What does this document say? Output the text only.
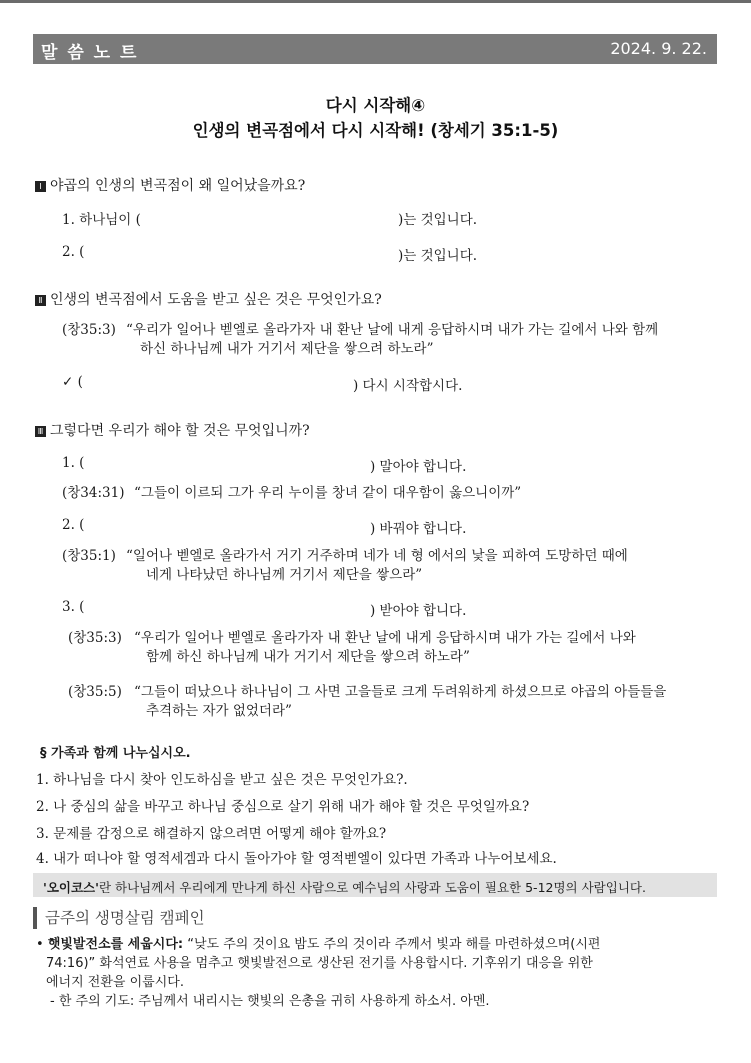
말 씀 노 트	2024. 9. 22.
다시 시작해④
인생의 변곡점에서 다시 시작해! (창세기 35:1-5)
Ⅰ 야곱의 인생의 변곡점이 왜 일어났을까요?
1. 하나님이 (	)는 것입니다.
2. (	)는 것입니다.
Ⅱ 인생의 변곡점에서 도움을 받고 싶은 것은 무엇인가요?
(창35:3) “우리가 일어나 벧엘로 올라가자 내 환난 날에 내게 응답하시며 내가 가는 길에서 나와 함께
하신 하나님께 내가 거기서 제단을 쌓으려 하노라”
✓ (	) 다시 시작합시다.
Ⅲ 그렇다면 우리가 해야 할 것은 무엇입니까?
1. (	) 말아야 합니다.
(창34:31) “그들이 이르되 그가 우리 누이를 창녀 같이 대우함이 옳으니이까”
2. (	) 바꿔야 합니다.
(창35:1) “일어나 벧엘로 올라가서 거기 거주하며 네가 네 형 에서의 낯을 피하여 도망하던 때에
네게 나타났던 하나님께 거기서 제단을 쌓으라”
3. (	) 받아야 합니다.
(창35:3) “우리가 일어나 벧엘로 올라가자 내 환난 날에 내게 응답하시며 내가 가는 길에서 나와
함께 하신 하나님께 내가 거기서 제단을 쌓으려 하노라”
(창35:5) “그들이 떠났으나 하나님이 그 사면 고을들로 크게 두려워하게 하셨으므로 야곱의 아들들을
추격하는 자가 없었더라”
§ 가족과 함께 나누십시오.
1. 하나님을 다시 찾아 인도하심을 받고 싶은 것은 무엇인가요?.
2. 나 중심의 삶을 바꾸고 하나님 중심으로 살기 위해 내가 해야 할 것은 무엇일까요?
3. 문제를 감정으로 해결하지 않으려면 어떻게 해야 할까요?
4. 내가 떠나야 할 영적세겜과 다시 돌아가야 할 영적벧엘이 있다면 가족과 나누어보세요.
'오이코스'란 하나님께서 우리에게 만나게 하신 사람으로 예수님의 사랑과 도움이 필요한 5-12명의 사람입니다.
금주의 생명살림 캠페인
• 햇빛발전소를 세웁시다: “낮도 주의 것이요 밤도 주의 것이라 주께서 빛과 해를 마련하셨으며(시편
74:16)” 화석연료 사용을 멈추고 햇빛발전으로 생산된 전기를 사용합시다. 기후위기 대응을 위한
에너지 전환을 이룹시다.
- 한 주의 기도: 주님께서 내리시는 햇빛의 은총을 귀히 사용하게 하소서. 아멘.
